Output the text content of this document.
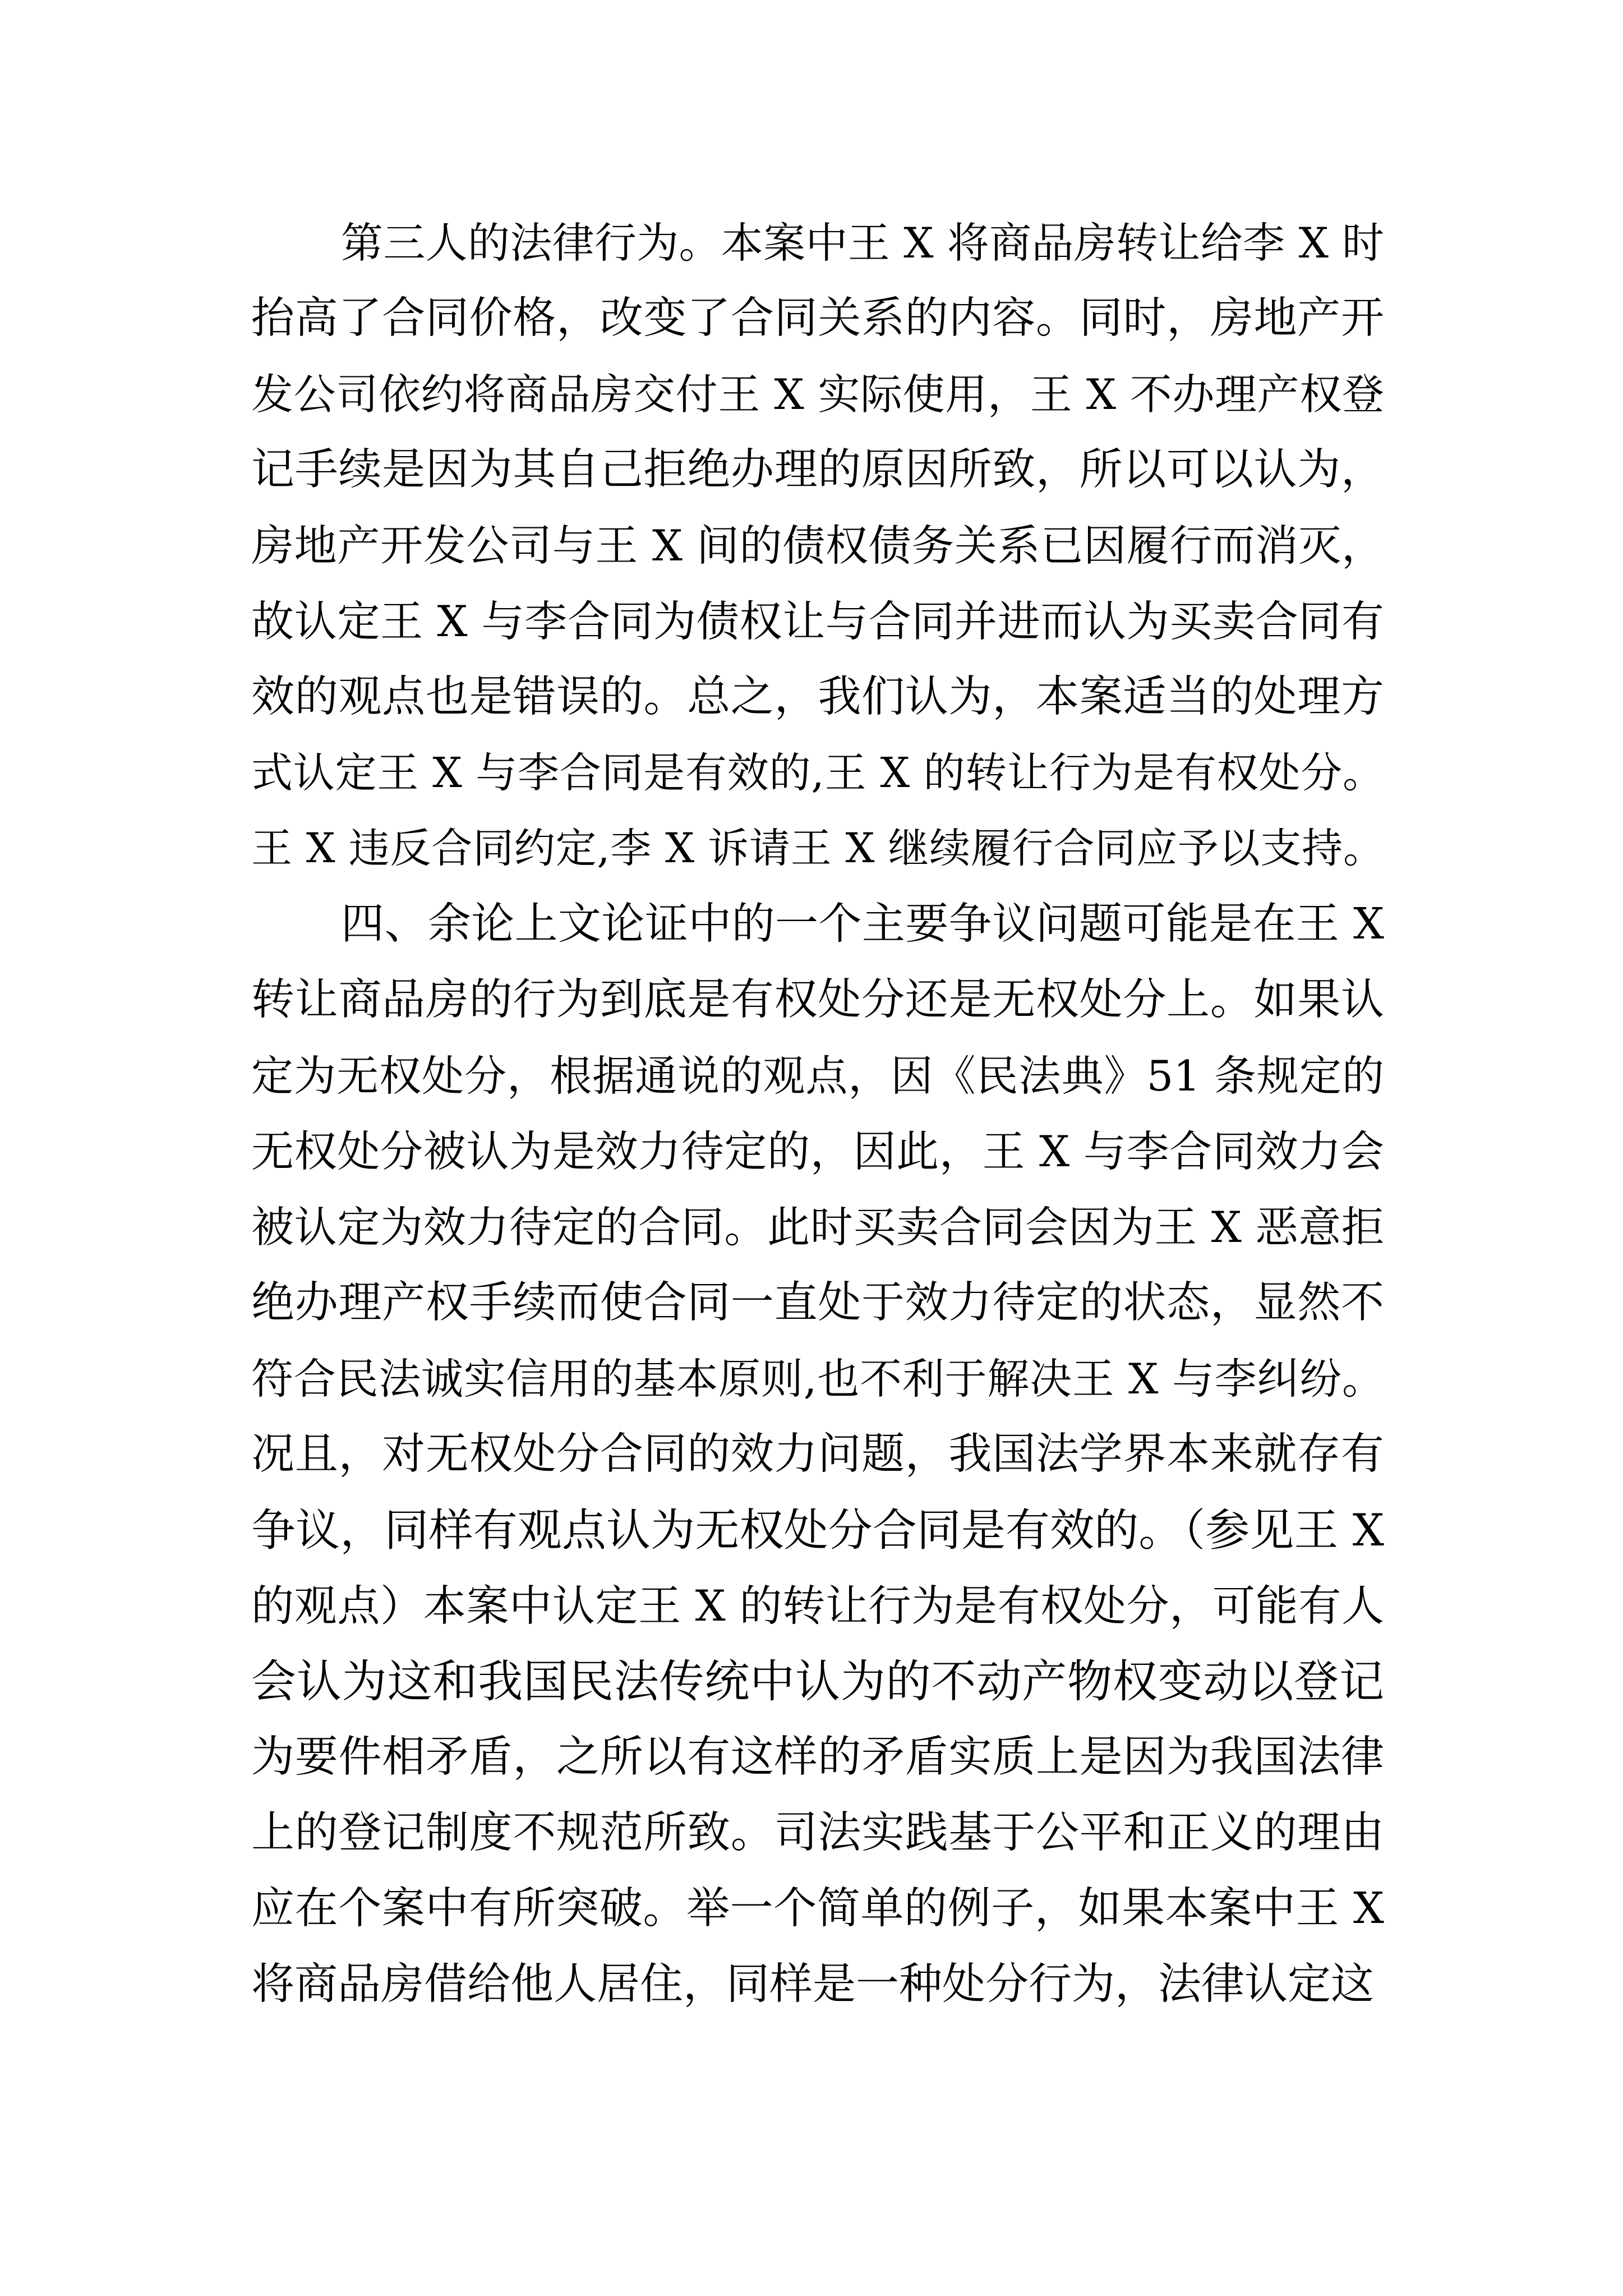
第三人的法律行为。本案中王 X 将商品房转让给李 X 时
抬高了合同价格，改变了合同关系的内容。同时，房地产开
发公司依约将商品房交付王 X 实际使用，王 X 不办理产权登
记手续是因为其自己拒绝办理的原因所致，所以可以认为，
房地产开发公司与王 X 间的债权债务关系已因履行而消灭，
故认定王 X 与李合同为债权让与合同并进而认为买卖合同有
效的观点也是错误的。总之，我们认为，本案适当的处理方
式认定王 X 与李合同是有效的,王 X 的转让行为是有权处分。
王 X 违反合同约定,李 X 诉请王 X 继续履行合同应予以支持。
四、余论上文论证中的一个主要争议问题可能是在王 X
转让商品房的行为到底是有权处分还是无权处分上。如果认
定为无权处分，根据通说的观点，因《民法典》51 条规定的
无权处分被认为是效力待定的，因此，王 X 与李合同效力会
被认定为效力待定的合同。此时买卖合同会因为王 X 恶意拒
绝办理产权手续而使合同一直处于效力待定的状态，显然不
符合民法诚实信用的基本原则,也不利于解决王 X 与李纠纷。
况且，对无权处分合同的效力问题，我国法学界本来就存有
争议，同样有观点认为无权处分合同是有效的。（参见王 X
的观点）本案中认定王 X 的转让行为是有权处分，可能有人
会认为这和我国民法传统中认为的不动产物权变动以登记
为要件相矛盾，之所以有这样的矛盾实质上是因为我国法律
上的登记制度不规范所致。司法实践基于公平和正义的理由
应在个案中有所突破。举一个简单的例子，如果本案中王 X
将商品房借给他人居住，同样是一种处分行为，法律认定这
